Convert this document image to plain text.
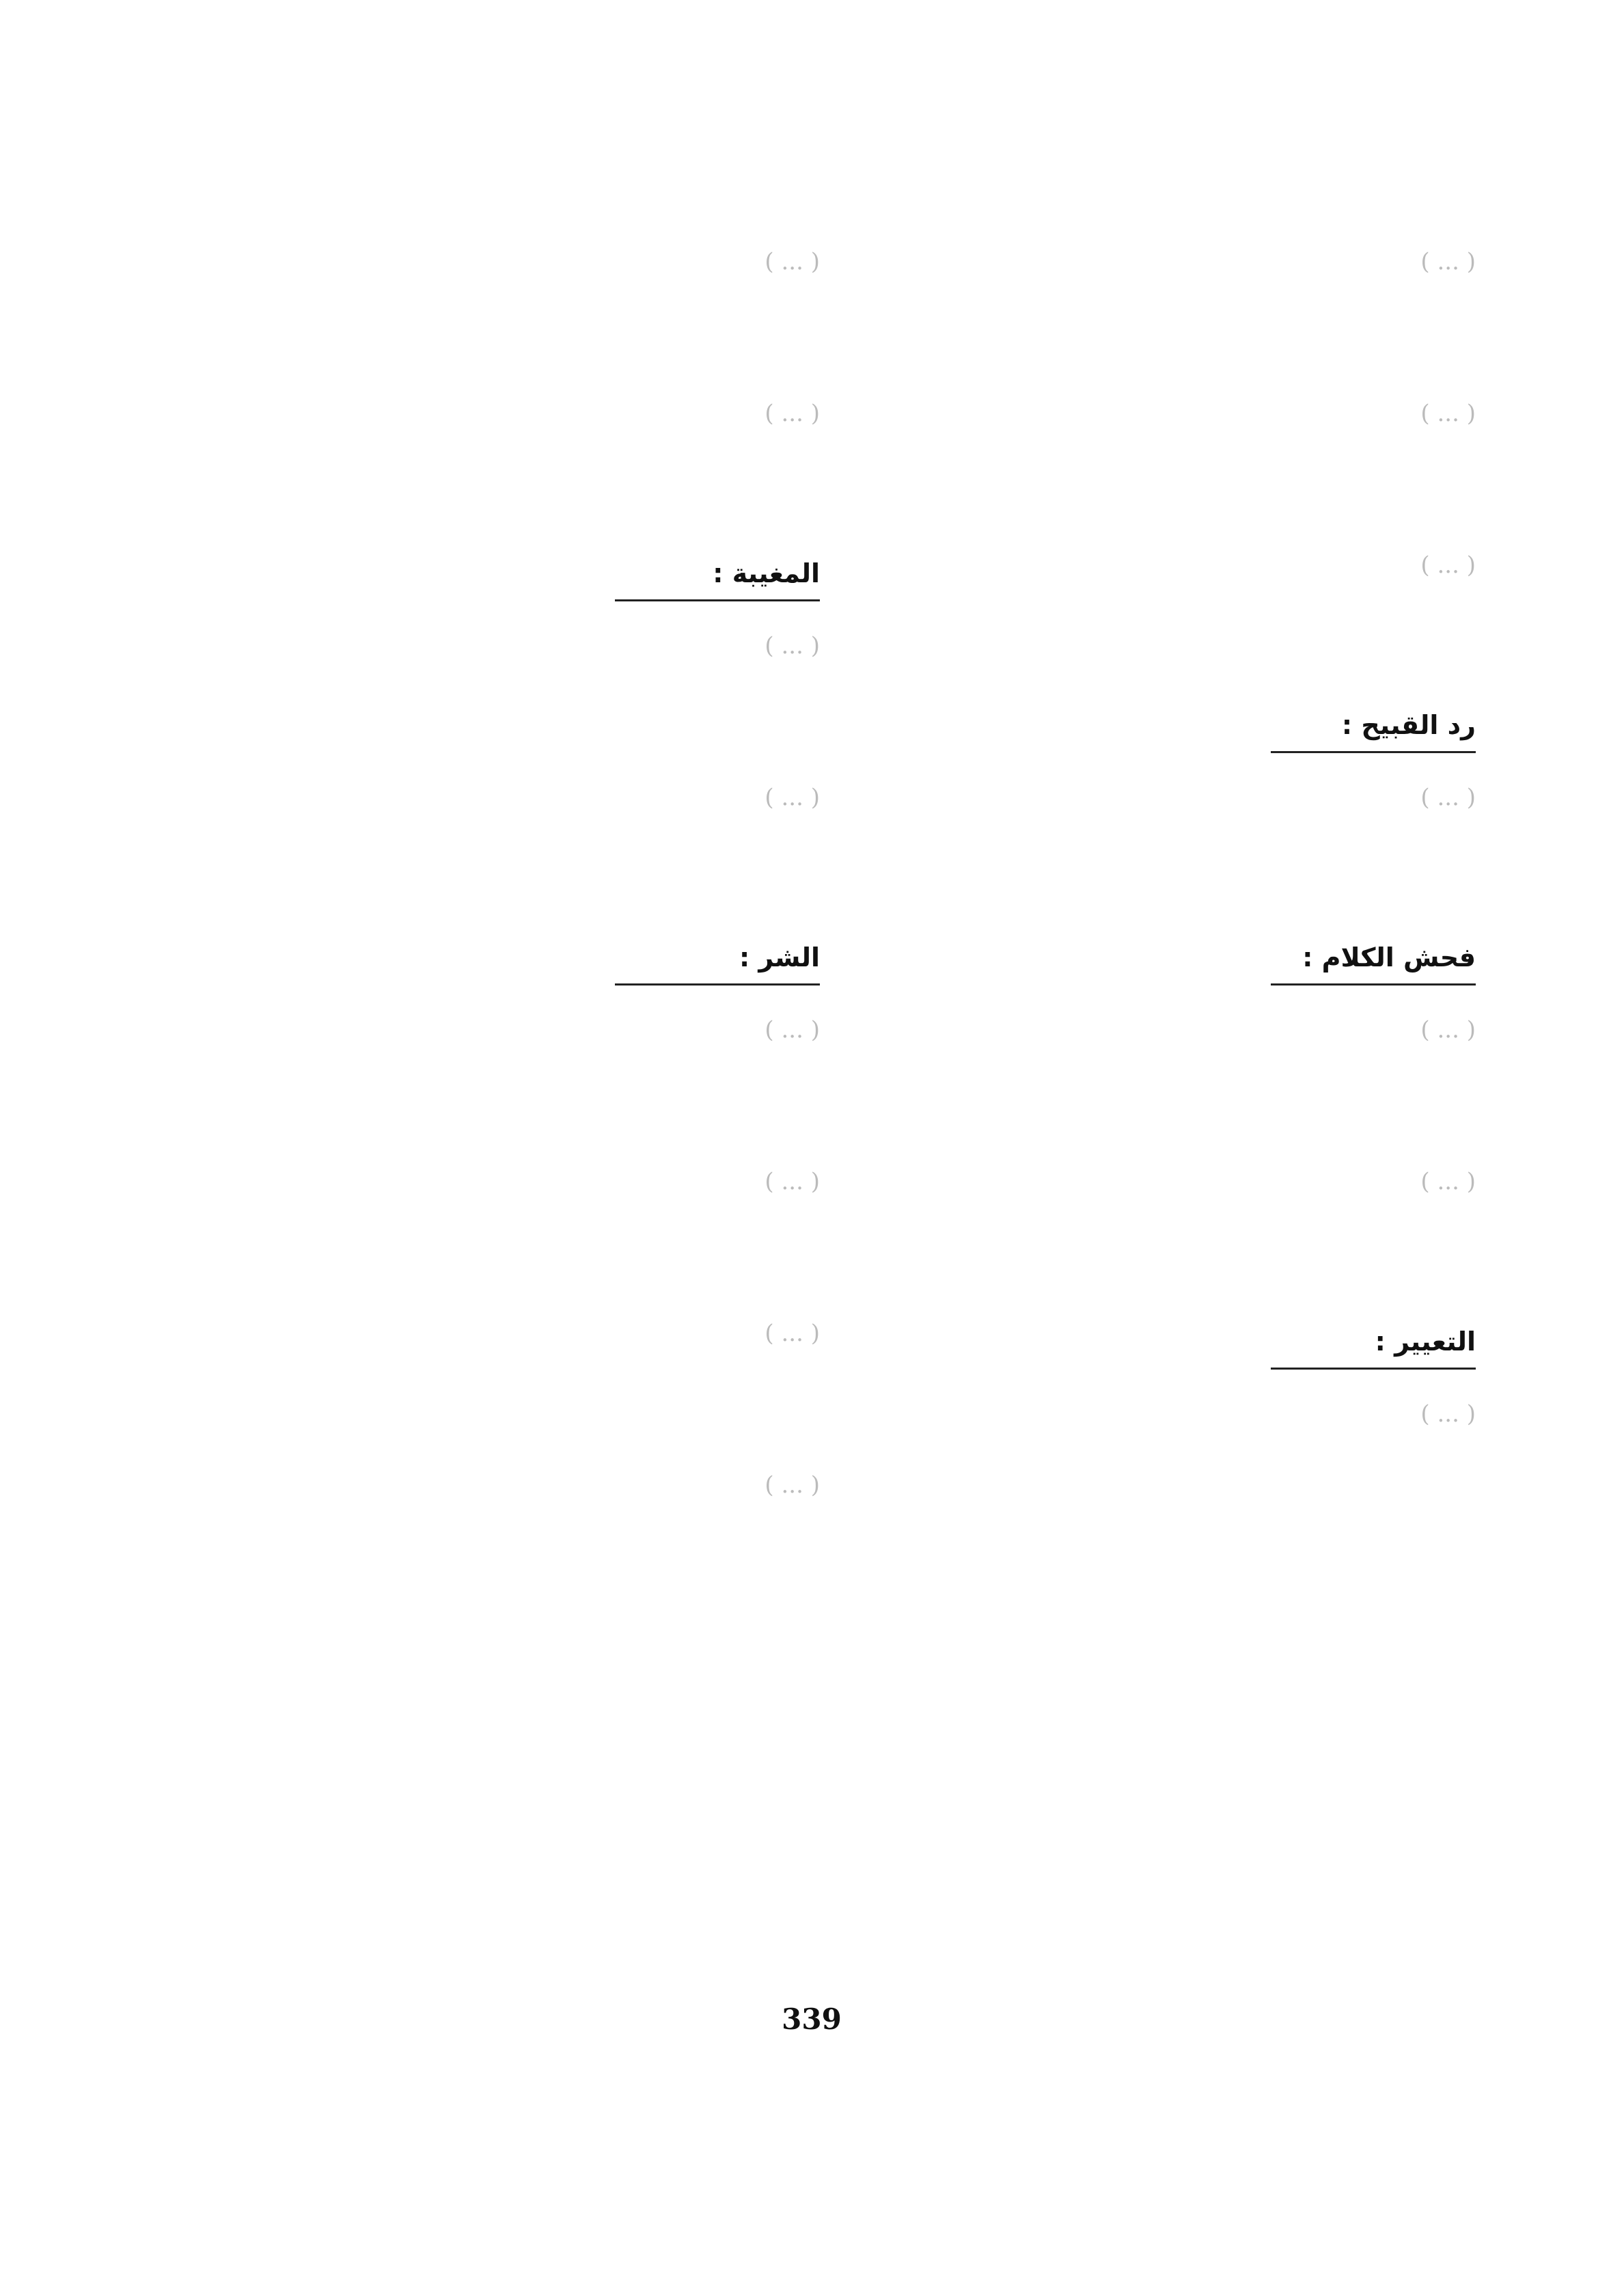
( ... )

( ... )

( ... )

رد القبيح :

( ... )

فحش الكلام :

( ... )

( ... )

التعيير :

( ... )

( ... )

( ... )

المغيبة :

( ... )

( ... )

الشر :

( ... )

( ... )

( ... )

( ... )

339
